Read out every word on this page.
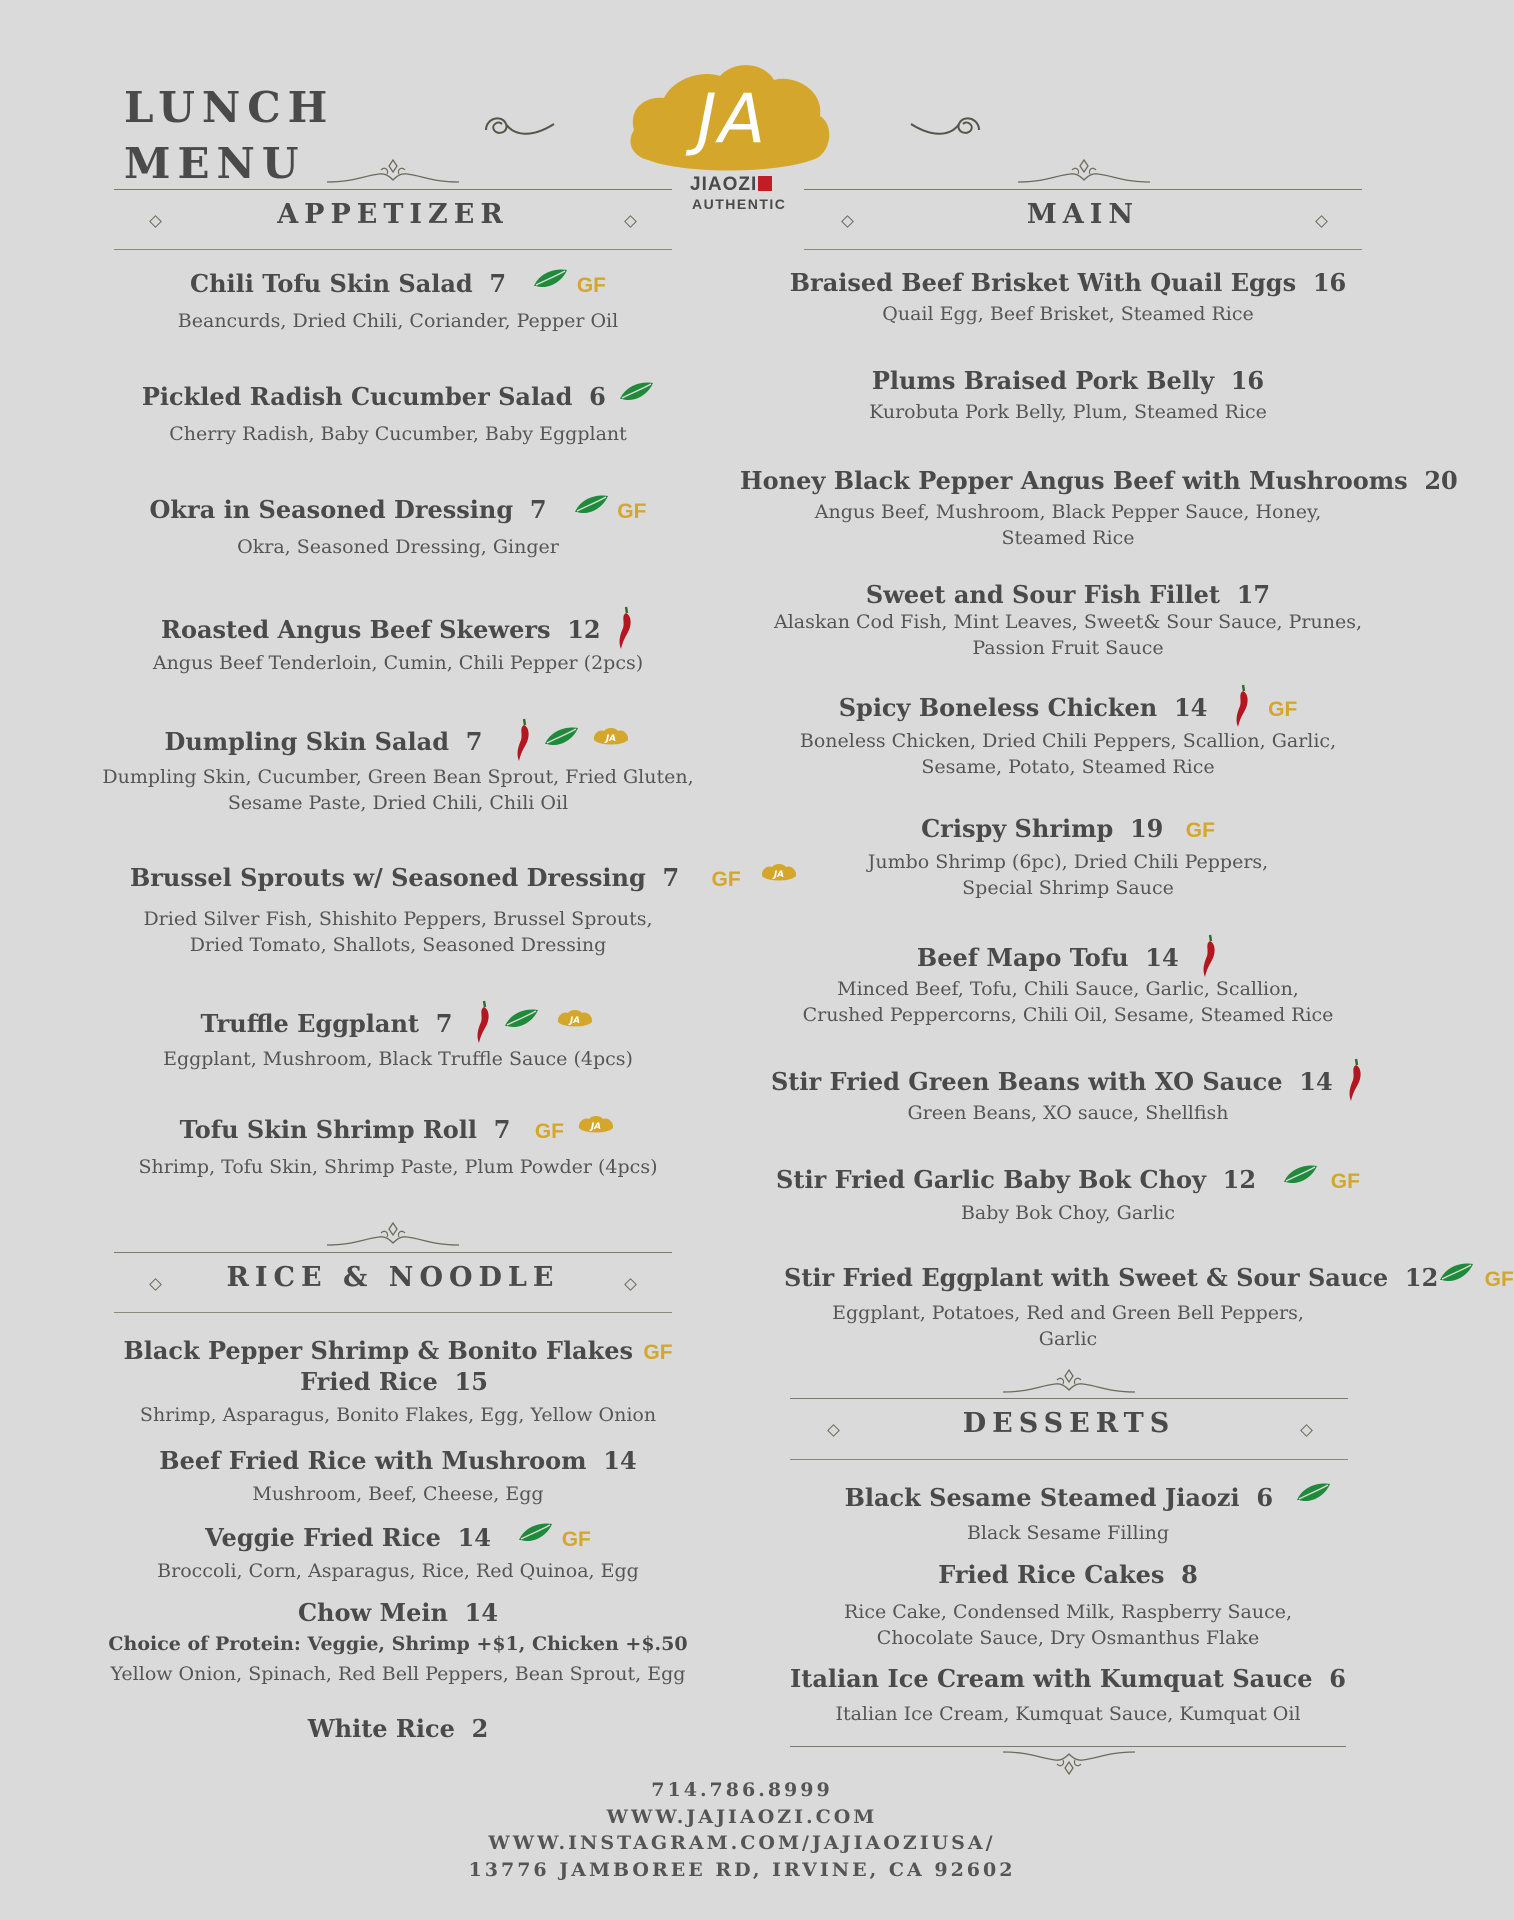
LUNCH
MENU
JA
JIAOZI
AUTHENTIC
APPETIZER
Chili Tofu Skin Salad 7	GF
Beancurds, Dried Chili, Coriander, Pepper Oil
Pickled Radish Cucumber Salad 6
Cherry Radish, Baby Cucumber, Baby Eggplant
Okra in Seasoned Dressing 7	GF
Okra, Seasoned Dressing, Ginger
Roasted Angus Beef Skewers 12
Angus Beef Tenderloin, Cumin, Chili Pepper (2pcs)
Dumpling Skin Salad 7
Dumpling Skin, Cucumber, Green Bean Sprout, Fried Gluten,
Sesame Paste, Dried Chili, Chili Oil
Brussel Sprouts w/ Seasoned Dressing 7 GF
Dried Silver Fish, Shishito Peppers, Brussel Sprouts,
Dried Tomato, Shallots, Seasoned Dressing
Truffle Eggplant 7
Eggplant, Mushroom, Black Truffle Sauce (4pcs)
Tofu Skin Shrimp Roll 7 GF
Shrimp, Tofu Skin, Shrimp Paste, Plum Powder (4pcs)
RICE & NOODLE
Black Pepper Shrimp & Bonito Flakes GF
Fried Rice 15
Shrimp, Asparagus, Bonito Flakes, Egg, Yellow Onion
Beef Fried Rice with Mushroom 14
Mushroom, Beef, Cheese, Egg
Veggie Fried Rice 14	GF
Broccoli, Corn, Asparagus, Rice, Red Quinoa, Egg
Chow Mein 14
Choice of Protein: Veggie, Shrimp +$1, Chicken +$.50
Yellow Onion, Spinach, Red Bell Peppers, Bean Sprout, Egg
White Rice 2
MAIN
Braised Beef Brisket With Quail Eggs 16
Quail Egg, Beef Brisket, Steamed Rice
Plums Braised Pork Belly 16
Kurobuta Pork Belly, Plum, Steamed Rice
Honey Black Pepper Angus Beef with Mushrooms 20
Angus Beef, Mushroom, Black Pepper Sauce, Honey,
Steamed Rice
Sweet and Sour Fish Fillet 17
Alaskan Cod Fish, Mint Leaves, Sweet& Sour Sauce, Prunes,
Passion Fruit Sauce
Spicy Boneless Chicken 14	GF
Boneless Chicken, Dried Chili Peppers, Scallion, Garlic,
Sesame, Potato, Steamed Rice
Crispy Shrimp 19 GF
Jumbo Shrimp (6pc), Dried Chili Peppers,
Special Shrimp Sauce
Beef Mapo Tofu 14
Minced Beef, Tofu, Chili Sauce, Garlic, Scallion,
Crushed Peppercorns, Chili Oil, Sesame, Steamed Rice
Stir Fried Green Beans with XO Sauce 14
Green Beans, XO sauce, Shellfish
Stir Fried Garlic Baby Bok Choy 12	GF
Baby Bok Choy, Garlic
Stir Fried Eggplant with Sweet & Sour Sauce 12 GF
Eggplant, Potatoes, Red and Green Bell Peppers,
Garlic
DESSERTS
Black Sesame Steamed Jiaozi 6
Black Sesame Filling
Fried Rice Cakes 8
Rice Cake, Condensed Milk, Raspberry Sauce,
Chocolate Sauce, Dry Osmanthus Flake
Italian Ice Cream with Kumquat Sauce 6
Italian Ice Cream, Kumquat Sauce, Kumquat Oil
714.786.8999
WWW.JAJIAOZI.COM
WWW.INSTAGRAM.COM/JAJIAOZIUSA/
13776 JAMBOREE RD, IRVINE, CA 92602
